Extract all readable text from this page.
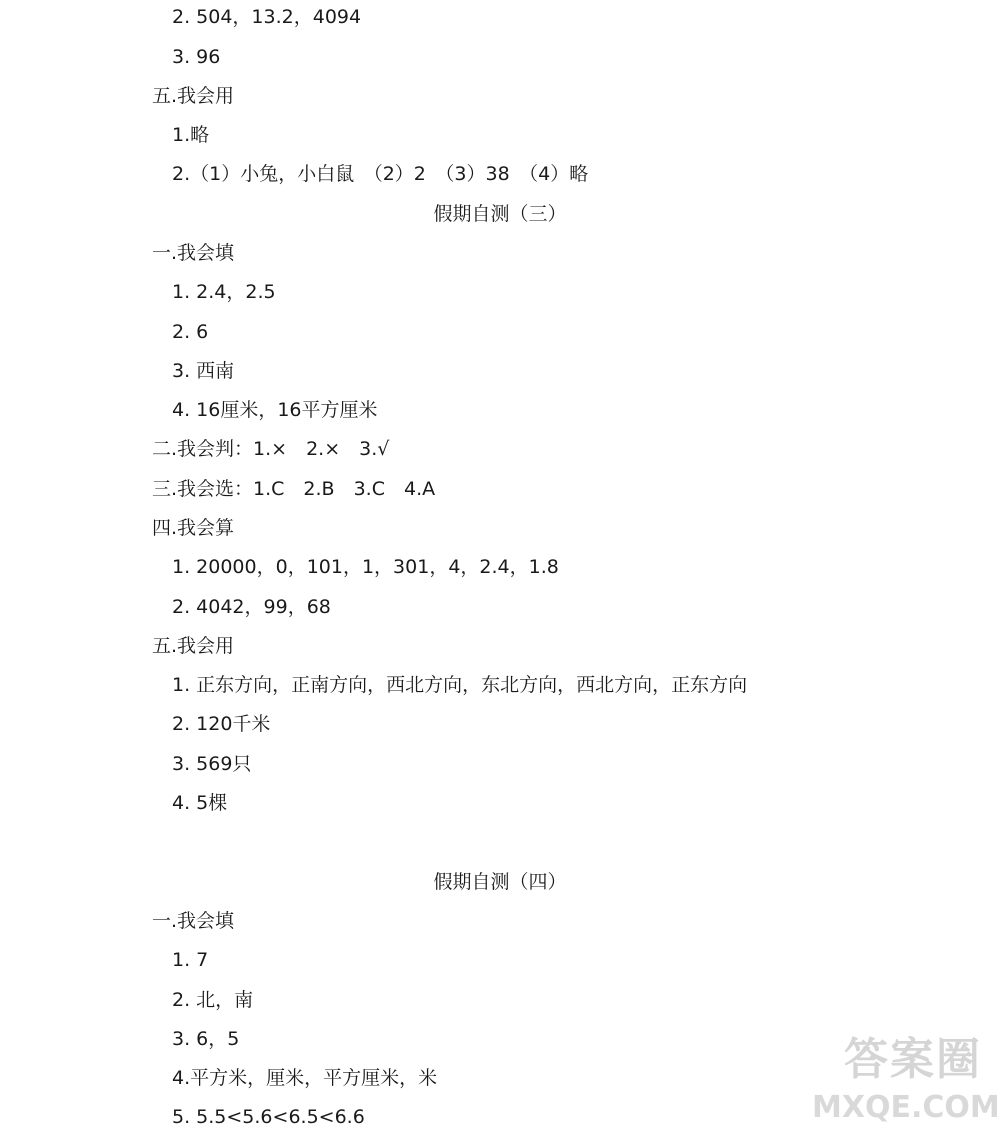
2. 504，13.2，4094
3. 96
五.我会用
1.略
2.（1）小兔，小白鼠　（2）2　（3）38　（4）略
假期自测（三）
一.我会填
1. 2.4，2.5
2. 6
3. 西南
4. 16厘米，16平方厘米
二.我会判：1.×　2.×　3.√
三.我会选：1.C　2.B　3.C　4.A
四.我会算
1. 20000，0，101，1，301，4，2.4，1.8
2. 4042，99，68
五.我会用
1. 正东方向，正南方向，西北方向，东北方向，西北方向，正东方向
2. 120千米
3. 569只
4. 5棵
假期自测（四）
一.我会填
1. 7
2. 北，南
3. 6，5
4.平方米，厘米，平方厘米，米
5. 5.5<5.6<6.5<6.6
答案圈
MXQE.COM
